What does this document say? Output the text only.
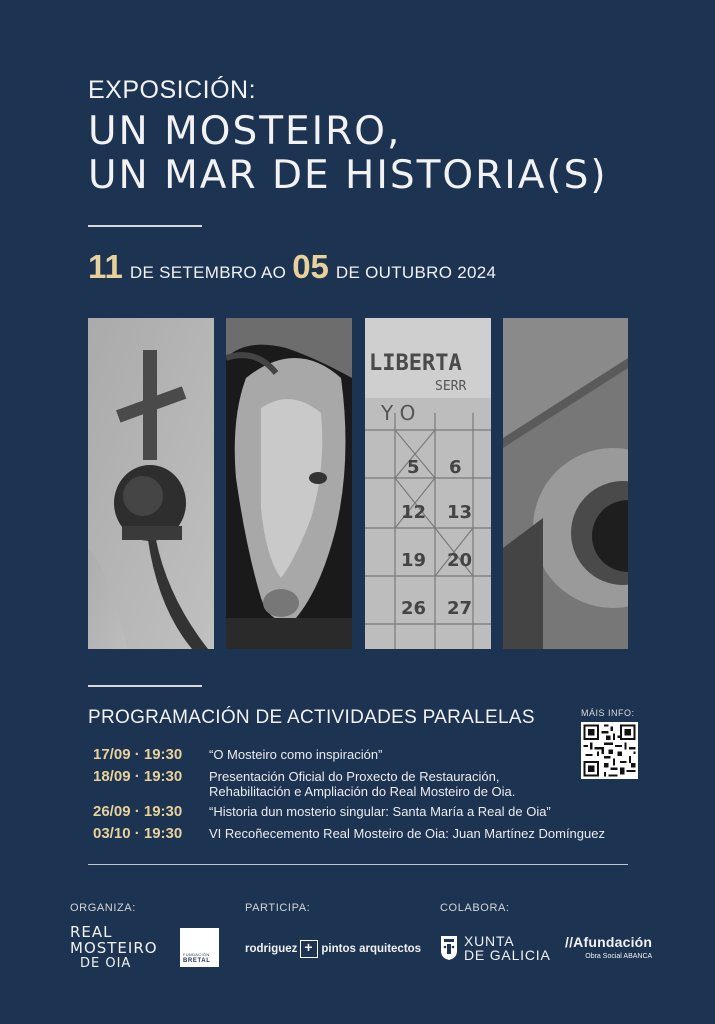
EXPOSICIÓN:
UN MOSTEIRO,
UN MAR DE HISTORIA(S)
11 DE SETEMBRO AO 05 DE OUTUBRO 2024
LIBERTA
SERR
Y O
5 6
12 13
19 20
26 27
PROGRAMACIÓN DE ACTIVIDADES PARALELAS	MÁIS INFO:
17/09 · 19:30	“O Mosteiro como inspiración”
18/09 · 19:30	Presentación Oficial do Proxecto de Restauración,
Rehabilitación e Ampliación do Real Mosteiro de Oia.
26/09 · 19:30	“Historia dun mosterio singular: Santa María a Real de Oia”
03/10 · 19:30	VI Recoñecemento Real Mosteiro de Oia: Juan Martínez Domínguez
ORGANIZA:	PARTICIPA:	COLABORA:
REAL
MOSTEIRO
DE OIA
FUNDACIÓN
BRETAL
rodriguez
+ pintos arquitectos	XUNTA
DE GALICIA
//Afundación
Obra Social ABANCA
